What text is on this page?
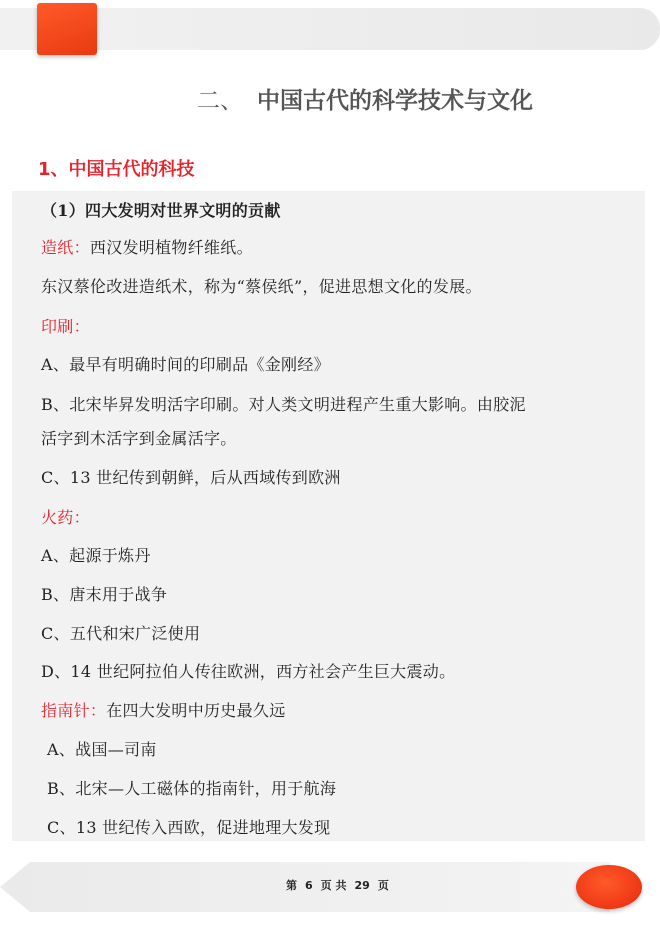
二、 中国古代的科学技术与文化
1、中国古代的科技
（1）四大发明对世界文明的贡献
造纸：西汉发明植物纤维纸。
东汉蔡伦改进造纸术，称为“蔡侯纸”，促进思想文化的发展。
印刷：
A、最早有明确时间的印刷品《金刚经》
B、北宋毕昇发明活字印刷。对人类文明进程产生重大影响。由胶泥
活字到木活字到金属活字。
C、13 世纪传到朝鲜，后从西域传到欧洲
火药：
A、起源于炼丹
B、唐末用于战争
C、五代和宋广泛使用
D、14 世纪阿拉伯人传往欧洲，西方社会产生巨大震动。
指南针：在四大发明中历史最久远
A、战国—司南
B、北宋—人工磁体的指南针，用于航海
C、13 世纪传入西欧，促进地理大发现
第 6 页 共 29 页
